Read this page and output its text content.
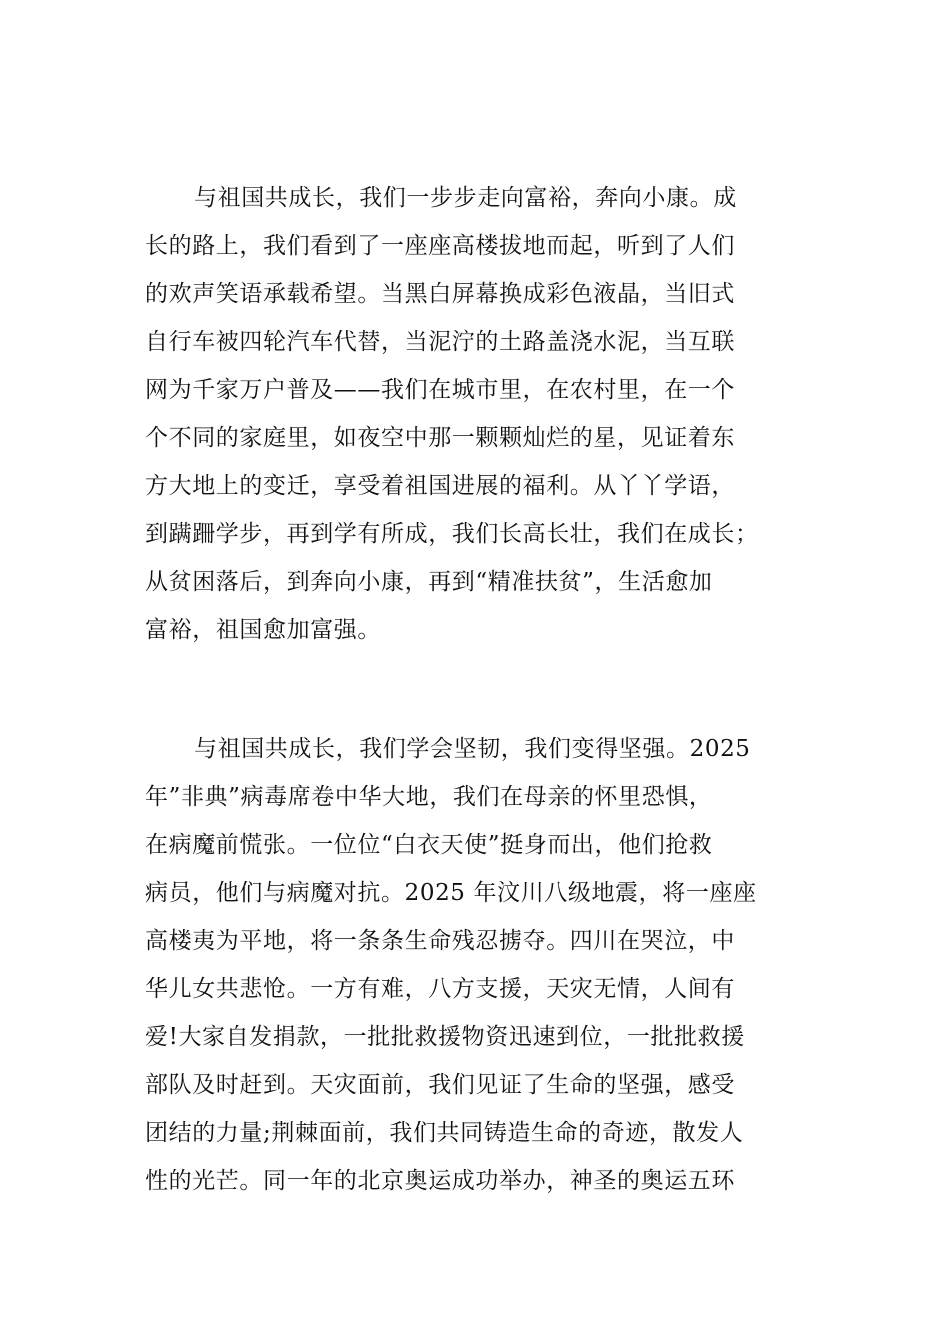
与祖国共成长，我们一步步走向富裕，奔向小康。成
长的路上，我们看到了一座座高楼拔地而起，听到了人们
的欢声笑语承载希望。当黑白屏幕换成彩色液晶，当旧式
自行车被四轮汽车代替，当泥泞的土路盖浇水泥，当互联
网为千家万户普及——我们在城市里，在农村里，在一个
个不同的家庭里，如夜空中那一颗颗灿烂的星，见证着东
方大地上的变迁，享受着祖国进展的福利。从丫丫学语，
到蹒跚学步，再到学有所成，我们长高长壮，我们在成长；
从贫困落后，到奔向小康，再到“精准扶贫”，生活愈加
富裕，祖国愈加富强。
与祖国共成长，我们学会坚韧，我们变得坚强。2025
年”非典”病毒席卷中华大地，我们在母亲的怀里恐惧，
在病魔前慌张。一位位“白衣天使”挺身而出，他们抢救
病员，他们与病魔对抗。2025 年汶川八级地震，将一座座
高楼夷为平地，将一条条生命残忍掳夺。四川在哭泣，中
华儿女共悲怆。一方有难，八方支援，天灾无情，人间有
爱!大家自发捐款，一批批救援物资迅速到位，一批批救援
部队及时赶到。天灾面前，我们见证了生命的坚强，感受
团结的力量;荆棘面前，我们共同铸造生命的奇迹，散发人
性的光芒。同一年的北京奥运成功举办，神圣的奥运五环
